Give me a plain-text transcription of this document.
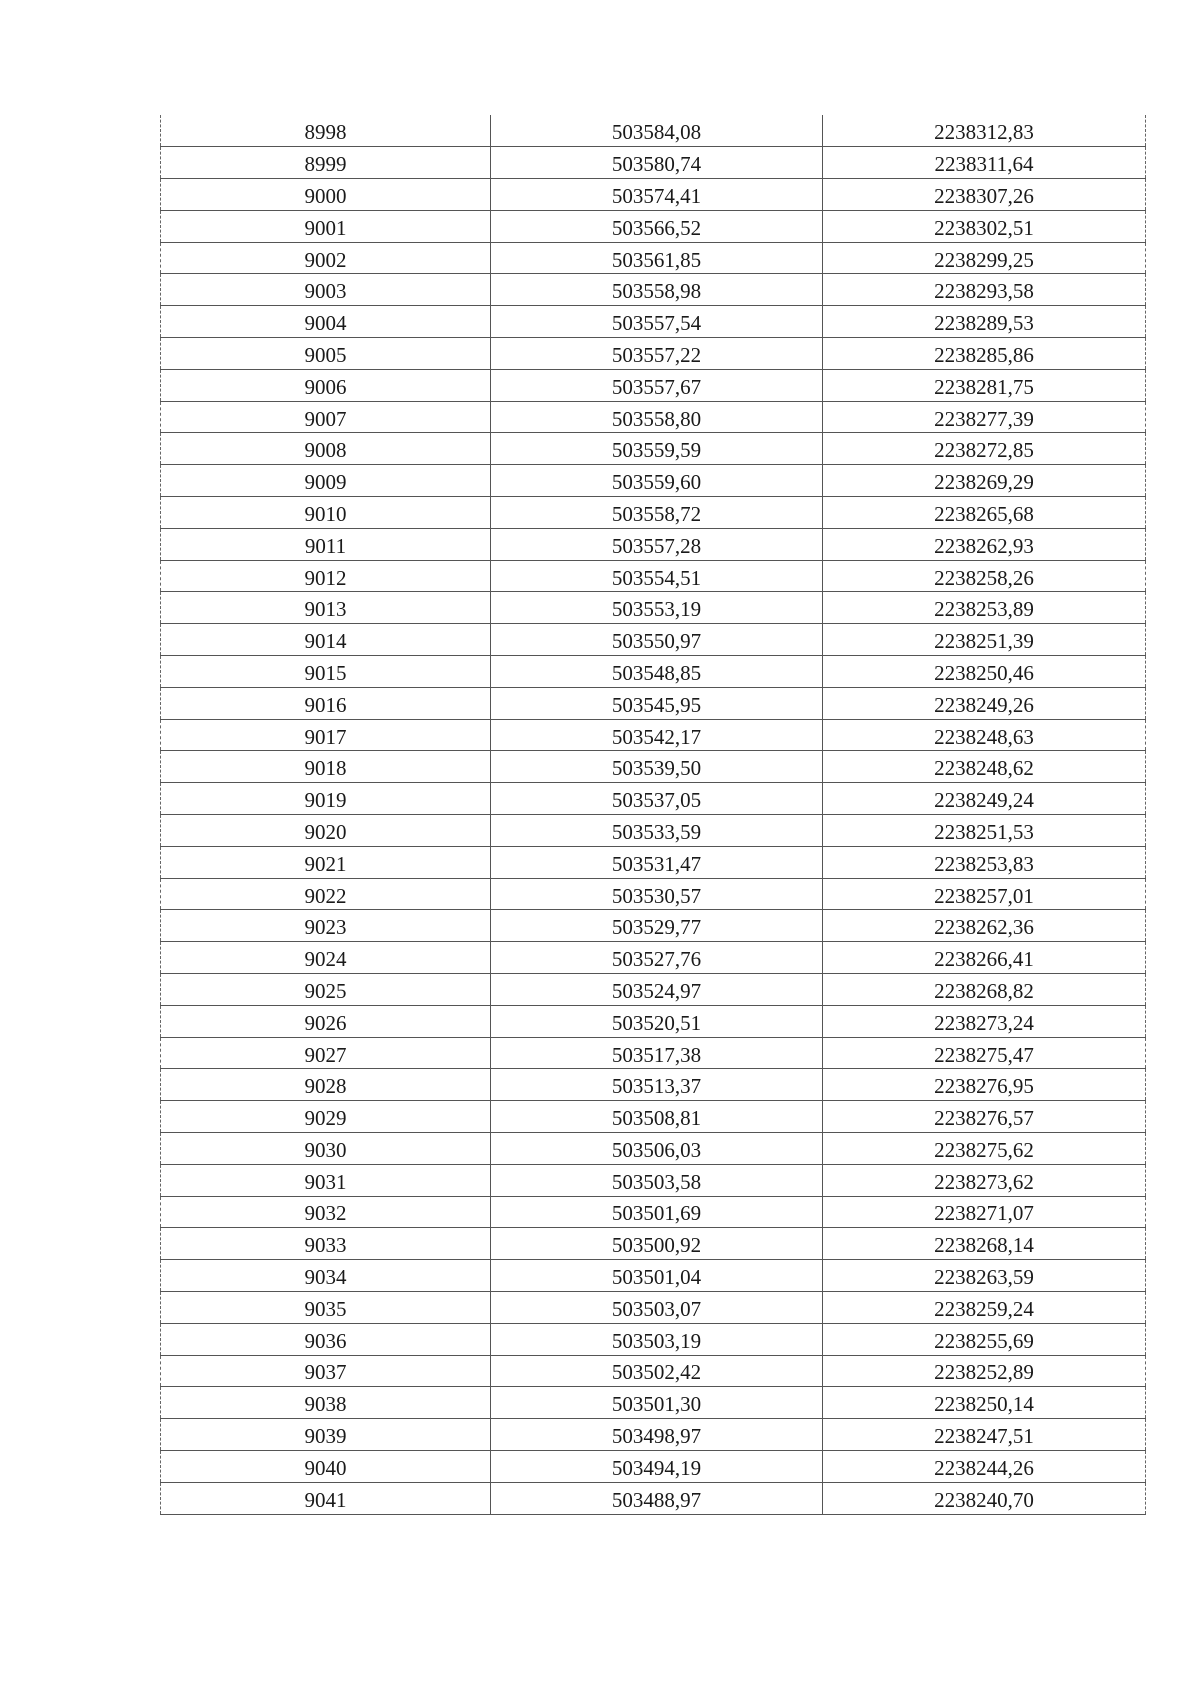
8998	503584,08	2238312,83
8999	503580,74	2238311,64
9000	503574,41	2238307,26
9001	503566,52	2238302,51
9002	503561,85	2238299,25
9003	503558,98	2238293,58
9004	503557,54	2238289,53
9005	503557,22	2238285,86
9006	503557,67	2238281,75
9007	503558,80	2238277,39
9008	503559,59	2238272,85
9009	503559,60	2238269,29
9010	503558,72	2238265,68
9011	503557,28	2238262,93
9012	503554,51	2238258,26
9013	503553,19	2238253,89
9014	503550,97	2238251,39
9015	503548,85	2238250,46
9016	503545,95	2238249,26
9017	503542,17	2238248,63
9018	503539,50	2238248,62
9019	503537,05	2238249,24
9020	503533,59	2238251,53
9021	503531,47	2238253,83
9022	503530,57	2238257,01
9023	503529,77	2238262,36
9024	503527,76	2238266,41
9025	503524,97	2238268,82
9026	503520,51	2238273,24
9027	503517,38	2238275,47
9028	503513,37	2238276,95
9029	503508,81	2238276,57
9030	503506,03	2238275,62
9031	503503,58	2238273,62
9032	503501,69	2238271,07
9033	503500,92	2238268,14
9034	503501,04	2238263,59
9035	503503,07	2238259,24
9036	503503,19	2238255,69
9037	503502,42	2238252,89
9038	503501,30	2238250,14
9039	503498,97	2238247,51
9040	503494,19	2238244,26
9041	503488,97	2238240,70
